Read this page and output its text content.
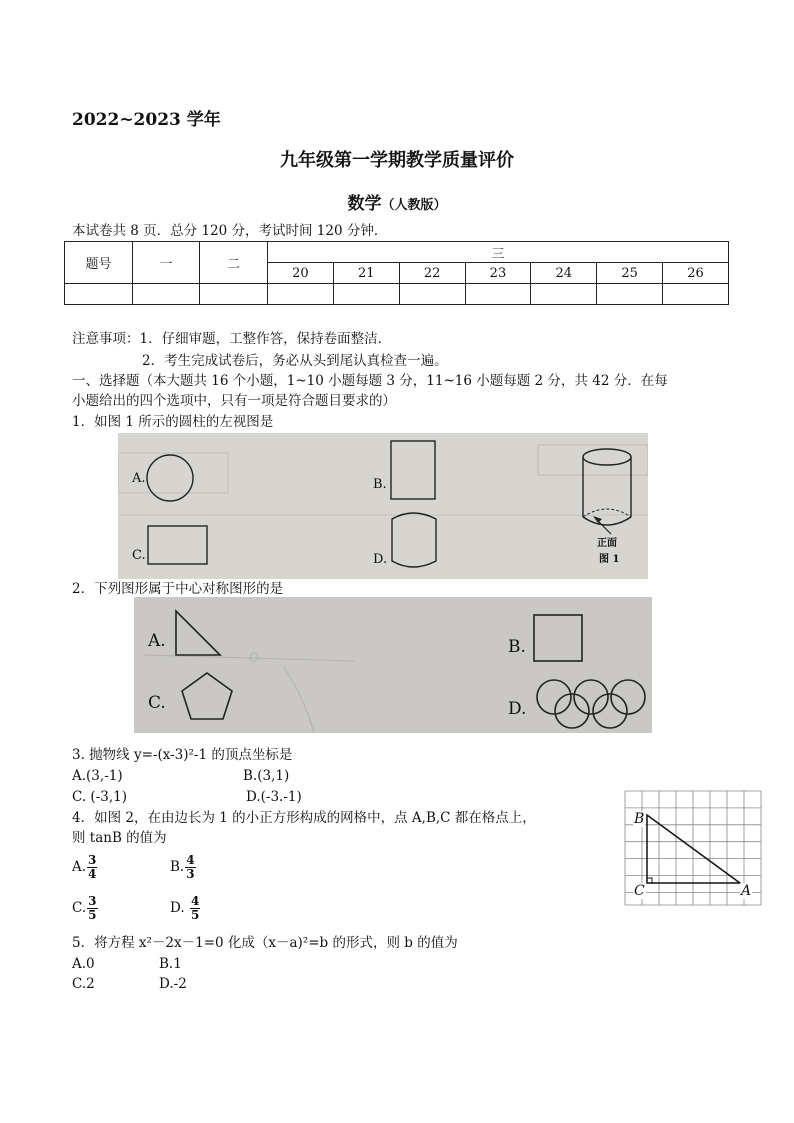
2022~2023 学年
九年级第一学期教学质量评价
数学（人教版）
本试卷共 8 页．总分 120 分，考试时间 120 分钟．
题号	一	二	三						
			20	21	22	23	24	25	26

注意事项：1．仔细审题，工整作答，保持卷面整洁．
2．考生完成试卷后，务必从头到尾认真检查一遍。
一、选择题（本大题共 16 个小题，1~10 小题每题 3 分，11~16 小题每题 2 分，共 42 分．在每
小题给出的四个选项中，只有一项是符合题目要求的）
1．如图 1 所示的圆柱的左视图是
A.	B.
C.	D.
正面
图 1
2．下列图形属于中心对称图形的是
A.	B.
C.	D.
3. 抛物线 y=-(x-3)²-1 的顶点坐标是
A.(3,-1)	B.(3,1)
C. (-3,1)	D.(-3.-1)
4．如图 2，在由边长为 1 的小正方形构成的网格中，点 A,B,C 都在格点上，
则 tanB 的值为
A. $\frac{3}{4}$	B. $\frac{4}{3}$
C. $\frac{3}{5}$	D. $\frac{4}{5}$
B
C	A
5．将方程 x²－2x－1=0 化成（x－a)²=b 的形式，则 b 的值为
A.0	B.1
C.2	D.-2
